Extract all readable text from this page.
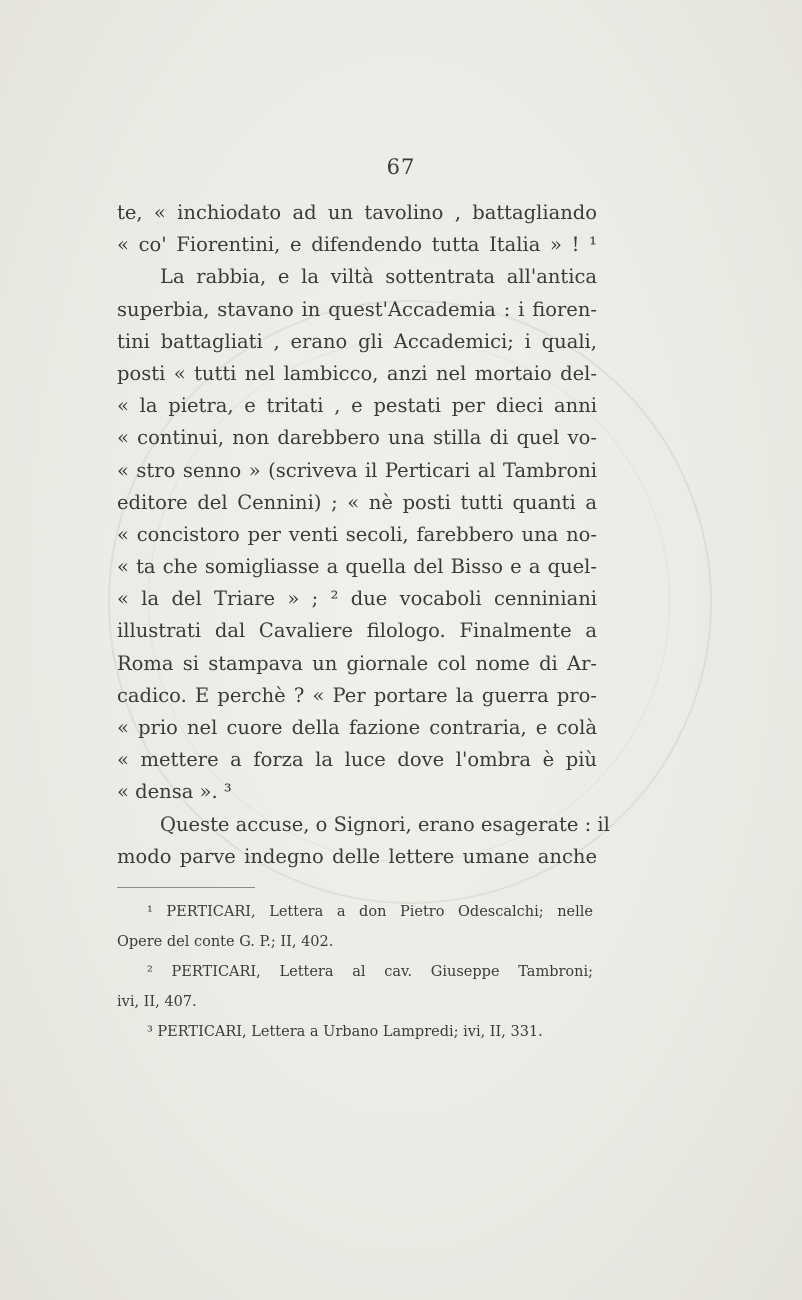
67
te, « inchiodato ad un tavolino , battagliando
« co' Fiorentini, e difendendo tutta Italia » ! ¹
La rabbia, e la viltà sottentrata all'antica
superbia, stavano in quest'Accademia : i fioren-
tini battagliati , erano gli Accademici; i quali,
posti « tutti nel lambicco, anzi nel mortaio del-
« la pietra, e tritati , e pestati per dieci anni
« continui, non darebbero una stilla di quel vo-
« stro senno » (scriveva il Perticari al Tambroni
editore del Cennini) ; « nè posti tutti quanti a
« concistoro per venti secoli, farebbero una no-
« ta che somigliasse a quella del Bisso e a quel-
« la del Triare » ; ² due vocaboli cenniniani
illustrati dal Cavaliere filologo. Finalmente a
Roma si stampava un giornale col nome di Ar-
cadico. E perchè ? « Per portare la guerra pro-
« prio nel cuore della fazione contraria, e colà
« mettere a forza la luce dove l'ombra è più
« densa ». ³
Queste accuse, o Signori, erano esagerate : il
modo parve indegno delle lettere umane anche
¹ PERTICARI, Lettera a don Pietro Odescalchi; nelle
Opere del conte G. P.; II, 402.
² PERTICARI, Lettera al cav. Giuseppe Tambroni;
ivi, II, 407.
³ PERTICARI, Lettera a Urbano Lampredi; ivi, II, 331.
